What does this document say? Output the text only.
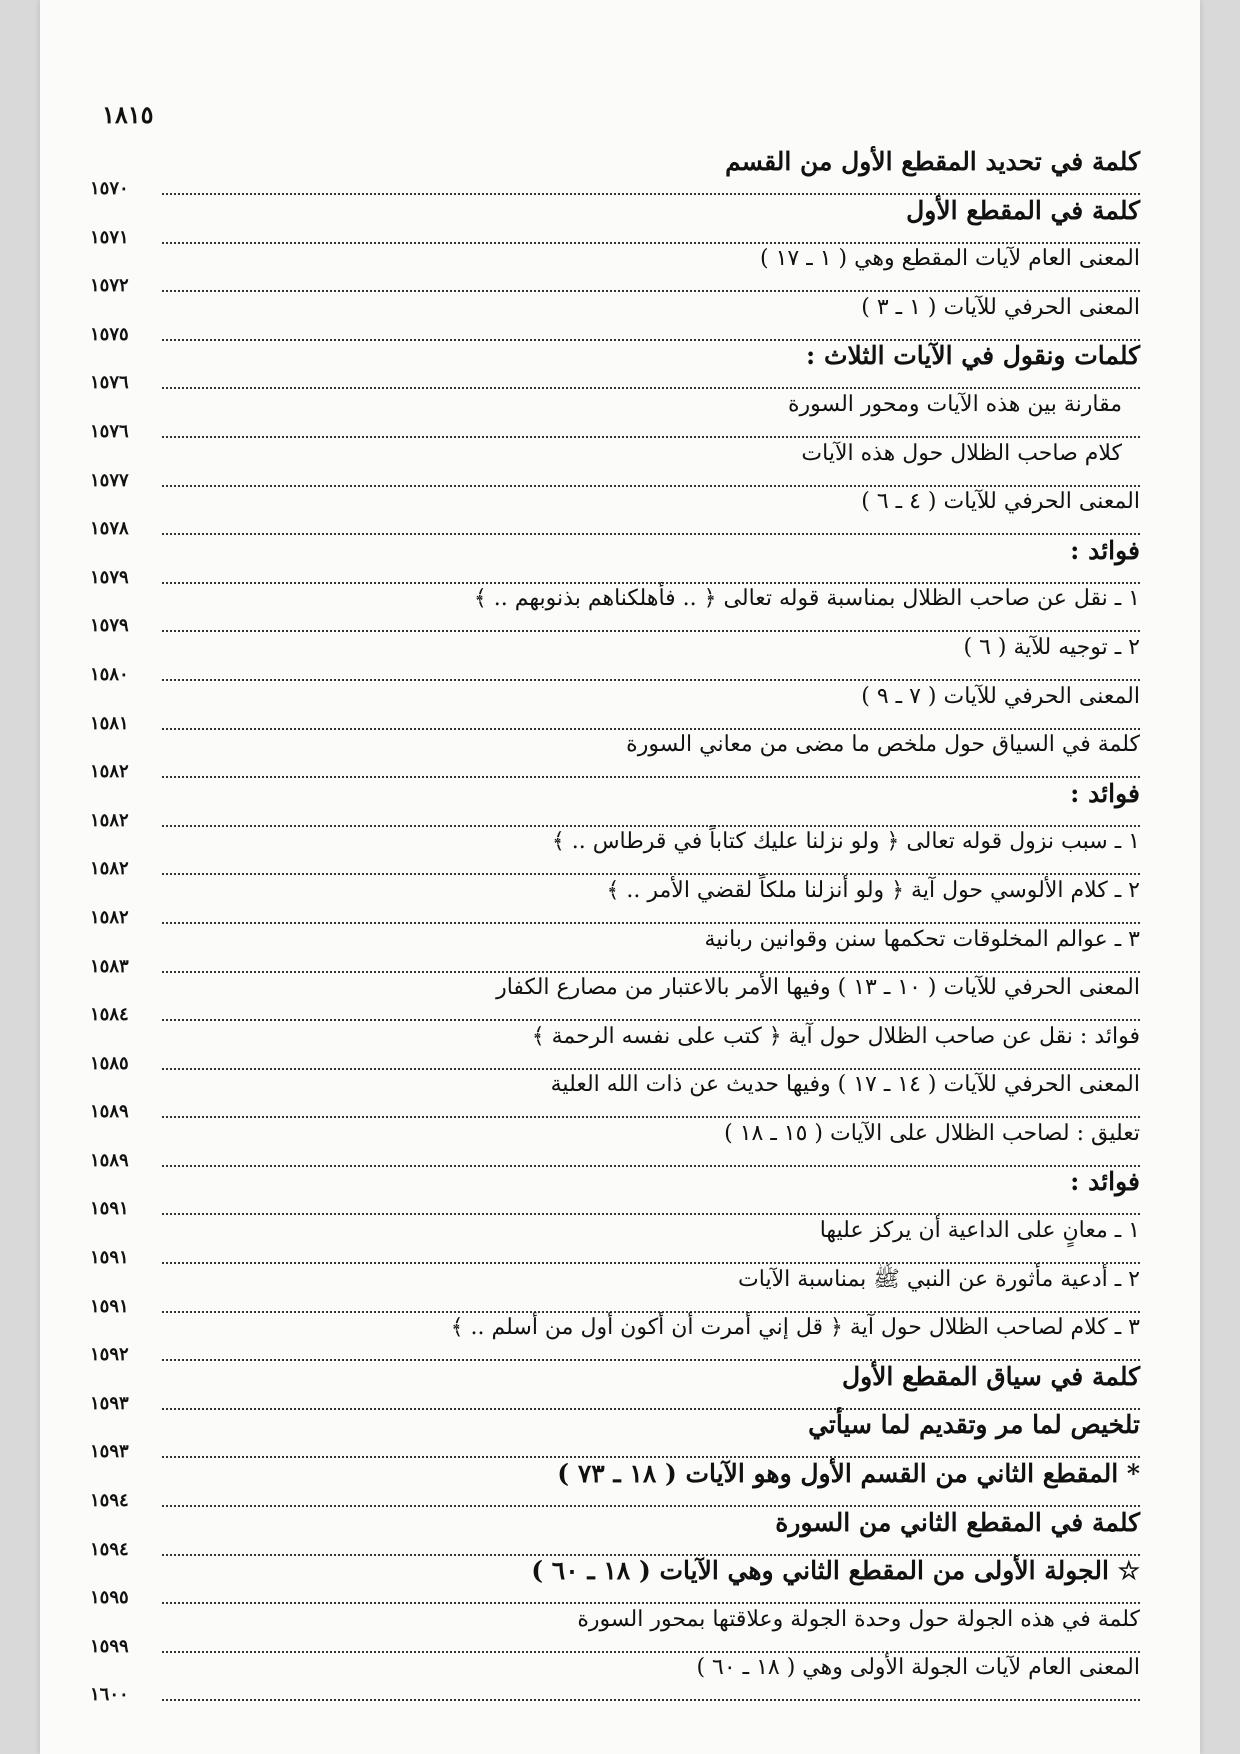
١٨١٥
كلمة في تحديد المقطع الأول من القسم
١٥٧٠
كلمة في المقطع الأول
١٥٧١
المعنى العام لآيات المقطع وهي ( ١ ـ ١٧ )
١٥٧٢
المعنى الحرفي للآيات ( ١ ـ ٣ )
١٥٧٥
كلمات ونقول في الآيات الثلاث :
١٥٧٦
مقارنة بين هذه الآيات ومحور السورة
١٥٧٦
كلام صاحب الظلال حول هذه الآيات
١٥٧٧
المعنى الحرفي للآيات ( ٤ ـ ٦ )
١٥٧٨
فوائد :
١٥٧٩
١ ـ نقل عن صاحب الظلال بمناسبة قوله تعالى ﴿ .. فأهلكناهم بذنوبهم .. ﴾
١٥٧٩
٢ ـ توجيه للآية ( ٦ )
١٥٨٠
المعنى الحرفي للآيات ( ٧ ـ ٩ )
١٥٨١
كلمة في السياق حول ملخص ما مضى من معاني السورة
١٥٨٢
فوائد :
١٥٨٢
١ ـ سبب نزول قوله تعالى ﴿ ولو نزلنا عليك كتاباً في قرطاس .. ﴾
١٥٨٢
٢ ـ كلام الألوسي حول آية ﴿ ولو أنزلنا ملكاً لقضي الأمر .. ﴾
١٥٨٢
٣ ـ عوالم المخلوقات تحكمها سنن وقوانين ربانية
١٥٨٣
المعنى الحرفي للآيات ( ١٠ ـ ١٣ ) وفيها الأمر بالاعتبار من مصارع الكفار
١٥٨٤
فوائد : نقل عن صاحب الظلال حول آية ﴿ كتب على نفسه الرحمة ﴾
١٥٨٥
المعنى الحرفي للآيات ( ١٤ ـ ١٧ ) وفيها حديث عن ذات الله العلية
١٥٨٩
تعليق : لصاحب الظلال على الآيات ( ١٥ ـ ١٨ )
١٥٨٩
فوائد :
١٥٩١
١ ـ معانٍ على الداعية أن يركز عليها
١٥٩١
٢ ـ أدعية مأثورة عن النبي ﷺ بمناسبة الآيات
١٥٩١
٣ ـ كلام لصاحب الظلال حول آية ﴿ قل إني أمرت أن أكون أول من أسلم .. ﴾
١٥٩٢
كلمة في سياق المقطع الأول
١٥٩٣
تلخيص لما مر وتقديم لما سيأتي
١٥٩٣
* المقطع الثاني من القسم الأول وهو الآيات ( ١٨ ـ ٧٣ )
١٥٩٤
كلمة في المقطع الثاني من السورة
١٥٩٤
☆ الجولة الأولى من المقطع الثاني وهي الآيات ( ١٨ ـ ٦٠ )
١٥٩٥
كلمة في هذه الجولة حول وحدة الجولة وعلاقتها بمحور السورة
١٥٩٩
المعنى العام لآيات الجولة الأولى وهي ( ١٨ ـ ٦٠ )
١٦٠٠
